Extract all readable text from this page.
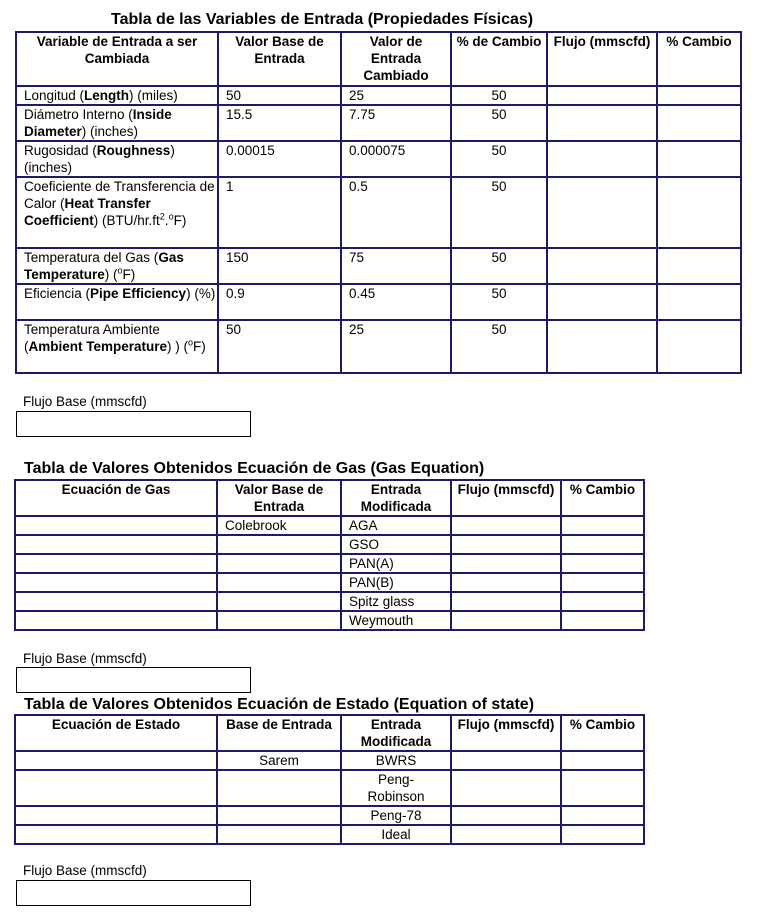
Tabla de las Variables de Entrada (Propiedades Físicas)
Variable de Entrada a ser Cambiada	Valor Base de Entrada	Valor de Entrada Cambiado	% de Cambio	Flujo (mmscfd)	% Cambio
Longitud (Length) (miles)	50	25	50		
Diámetro Interno (Inside Diameter) (inches)	15.5	7.75	50		
Rugosidad (Roughness) (inches)	0.00015	0.000075	50		
Coeficiente de Transferencia de Calor (Heat Transfer Coefficient) $(BTU/hr.ft^2.^oF)$	1	0.5	50		
Temperatura del Gas (Gas Temperature) ($^o$F)	150	75	50		
Eficiencia (Pipe Efficiency) (%)	0.9	0.45	50		
Temperatura Ambiente (Ambient Temperature) ) ($^o$F)	50	25	50		
Flujo Base (mmscfd)
Tabla de Valores Obtenidos Ecuación de Gas (Gas Equation)
Ecuación de Gas	Valor Base de Entrada	Entrada Modificada	Flujo (mmscfd)	% Cambio
	Colebrook	AGA		
		GSO		
		PAN(A)		
		PAN(B)		
		Spitz glass		
		Weymouth		
Flujo Base (mmscfd)
Tabla de Valores Obtenidos Ecuación de Estado (Equation of state)
Ecuación de Estado	Base de Entrada	Entrada Modificada	Flujo (mmscfd)	% Cambio
	Sarem	BWRS		
		Peng-Robinson		
		Peng-78		
		Ideal		
Flujo Base (mmscfd)
